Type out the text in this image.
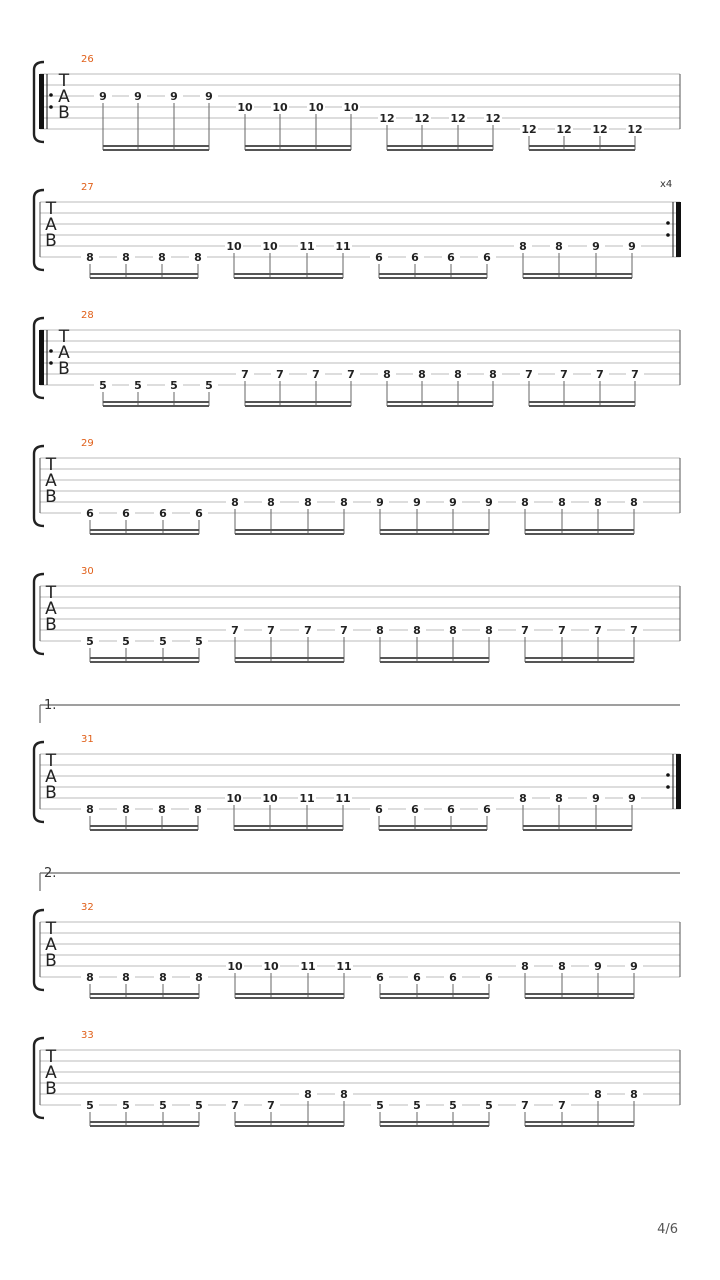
26
T
A
B
9 9	9 9
10 10 10 10
12 12 12 12
12 12 12 12
27
T
A
B
x4
8	8	8	8
10 10 11 11
6	6	6	6
8	8	9	9
28
T
A
B
5 5	5 5
7 7	7 7	8 8	8 8	7 7	7 7
29
T
A
B
6	6	6	6
8	8	8	8	9	9	9	9	8	8	8	8
30
T
A
B
5	5	5	5
7	7	7	7	8	8	8	8	7	7	7	7
1.
31
T
A
B
8	8	8	8
10 10 11 11
6	6	6	6
8	8	9	9
2.
32
T
A
B
8	8	8	8
10 10 11 11
6	6	6	6
8	8	9	9
33
T
A
B
5	5	5	5	7	7
8	8
5	5	5	5	7	7
8	8
4/6
